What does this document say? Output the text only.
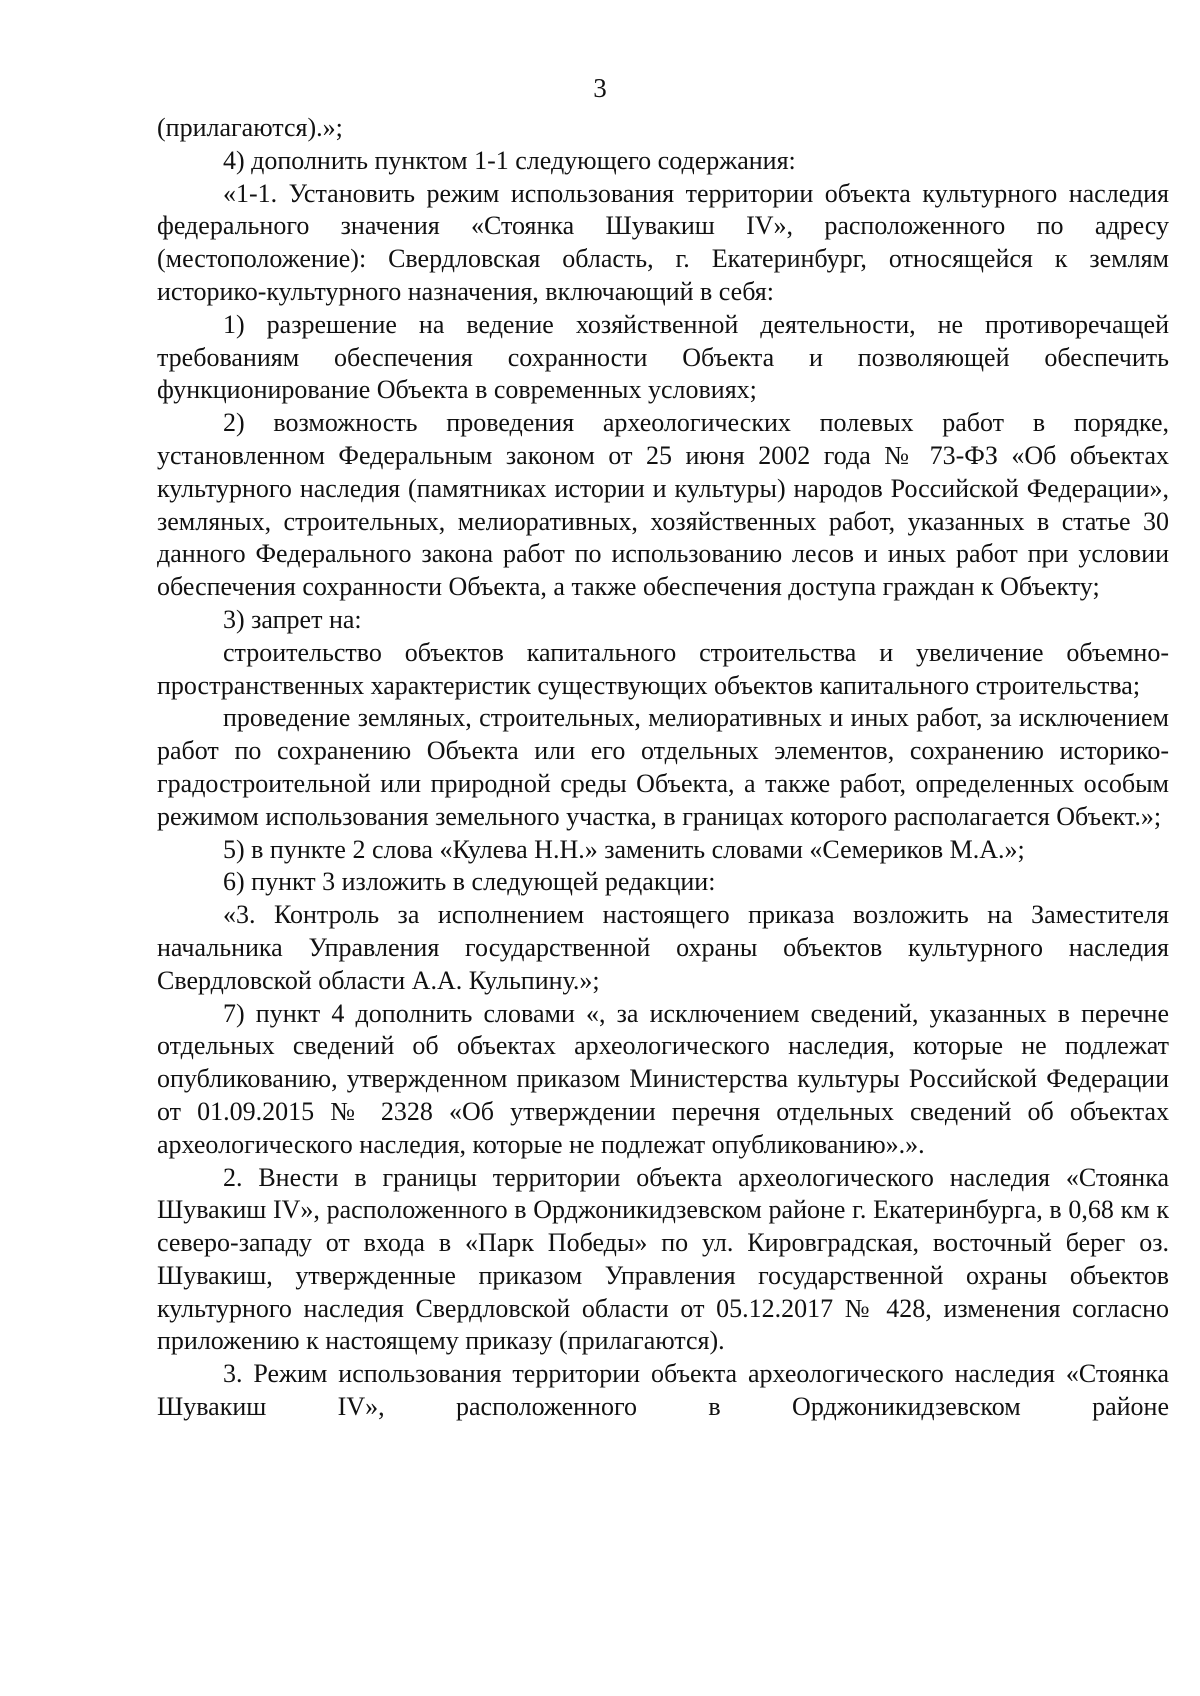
3

(прилагаются).»;

4) дополнить пунктом 1-1 следующего содержания:

«1-1. Установить режим использования территории объекта культурного наследия федерального значения «Стоянка Шувакиш IV», расположенного по адресу (местоположение): Свердловская область, г. Екатеринбург, относящейся к землям историко-культурного назначения, включающий в себя:

1) разрешение на ведение хозяйственной деятельности, не противоречащей требованиям обеспечения сохранности Объекта и позволяющей обеспечить функционирование Объекта в современных условиях;

2) возможность проведения археологических полевых работ в порядке, установленном Федеральным законом от 25 июня 2002 года № 73-ФЗ «Об объектах культурного наследия (памятниках истории и культуры) народов Российской Федерации», земляных, строительных, мелиоративных, хозяйственных работ, указанных в статье 30 данного Федерального закона работ по использованию лесов и иных работ при условии обеспечения сохранности Объекта, а также обеспечения доступа граждан к Объекту;

3) запрет на:

строительство объектов капитального строительства и увеличение объемно-пространственных характеристик существующих объектов капитального строительства;

проведение земляных, строительных, мелиоративных и иных работ, за исключением работ по сохранению Объекта или его отдельных элементов, сохранению историко-градостроительной или природной среды Объекта, а также работ, определенных особым режимом использования земельного участка, в границах которого располагается Объект.»;

5) в пункте 2 слова «Кулева Н.Н.» заменить словами «Семериков М.А.»;

6) пункт 3 изложить в следующей редакции:

«3. Контроль за исполнением настоящего приказа возложить на Заместителя начальника Управления государственной охраны объектов культурного наследия Свердловской области А.А. Кульпину.»;

7) пункт 4 дополнить словами «, за исключением сведений, указанных в перечне отдельных сведений об объектах археологического наследия, которые не подлежат опубликованию, утвержденном приказом Министерства культуры Российской Федерации от 01.09.2015 № 2328 «Об утверждении перечня отдельных сведений об объектах археологического наследия, которые не подлежат опубликованию».».

2. Внести в границы территории объекта археологического наследия «Стоянка Шувакиш IV», расположенного в Орджоникидзевском районе г. Екатеринбурга, в 0,68 км к северо-западу от входа в «Парк Победы» по ул. Кировградская, восточный берег оз. Шувакиш, утвержденные приказом Управления государственной охраны объектов культурного наследия Свердловской области от 05.12.2017 № 428, изменения согласно приложению к настоящему приказу (прилагаются).

3. Режим использования территории объекта археологического наследия «Стоянка Шувакиш IV», расположенного в Орджоникидзевском районе
